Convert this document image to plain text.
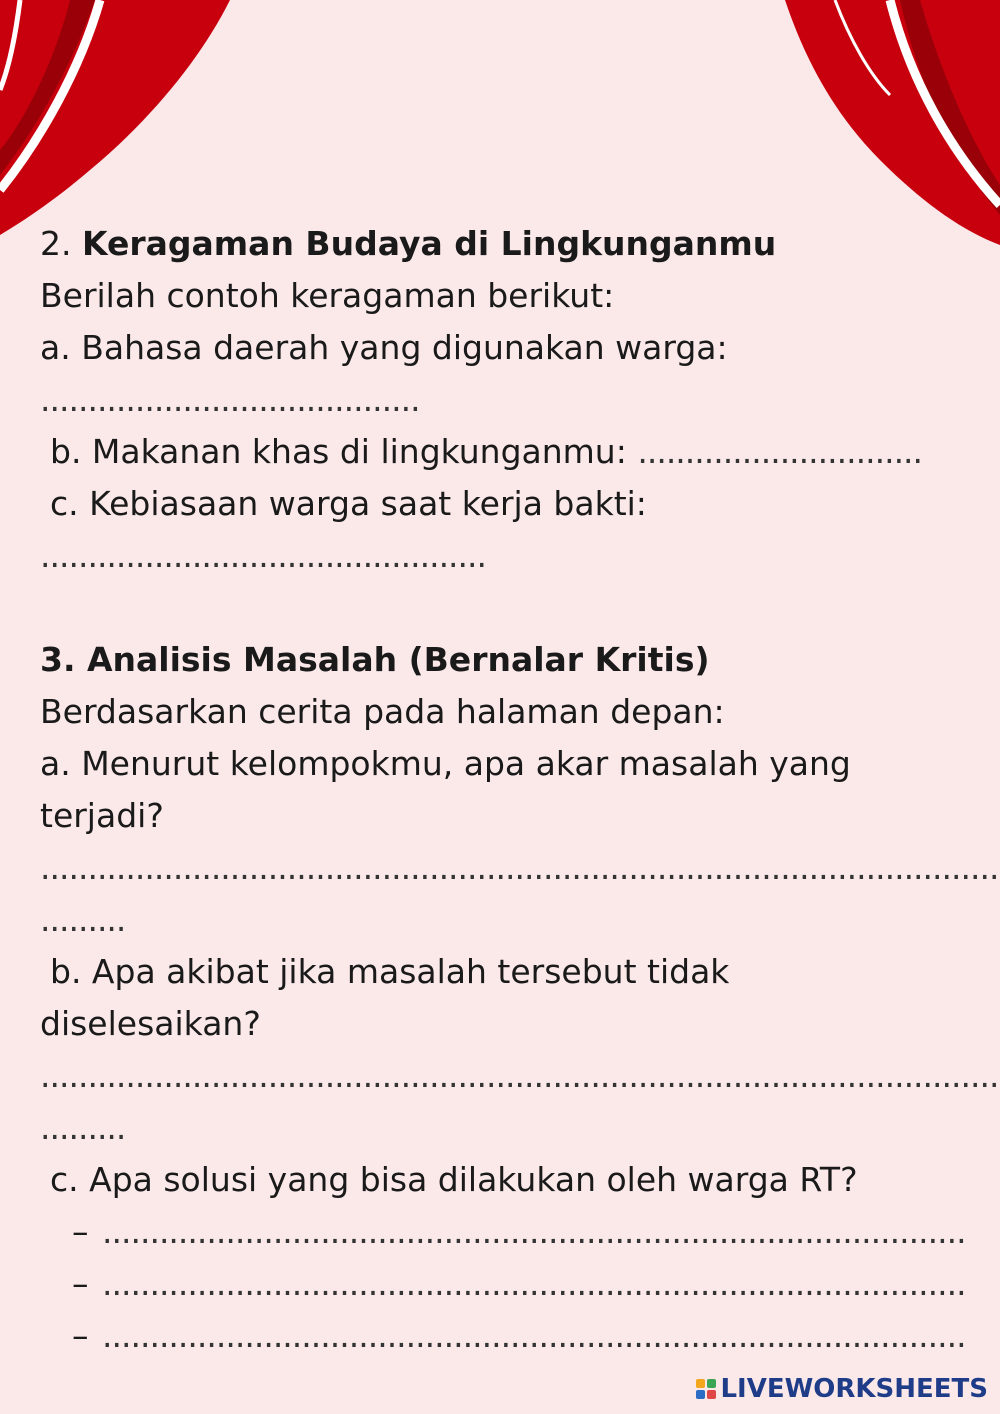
2. Keragaman Budaya di Lingkunganmu

Berilah contoh keragaman berikut:

a. Bahasa daerah yang digunakan warga:

........................................

b. Makanan khas di lingkunganmu: ..............................

c. Kebiasaan warga saat kerja bakti:

...............................................

3. Analisis Masalah (Bernalar Kritis)

Berdasarkan cerita pada halaman depan:

a. Menurut kelompokmu, apa akar masalah yang

terjadi?

.....................................................................................................

.........

b. Apa akibat jika masalah tersebut tidak

diselesaikan?

.....................................................................................................

.........

c. Apa solusi yang bisa dilakukan oleh warga RT?

– ...........................................................................................

– ...........................................................................................

– ...........................................................................................

LIVEWORKSHEETS
